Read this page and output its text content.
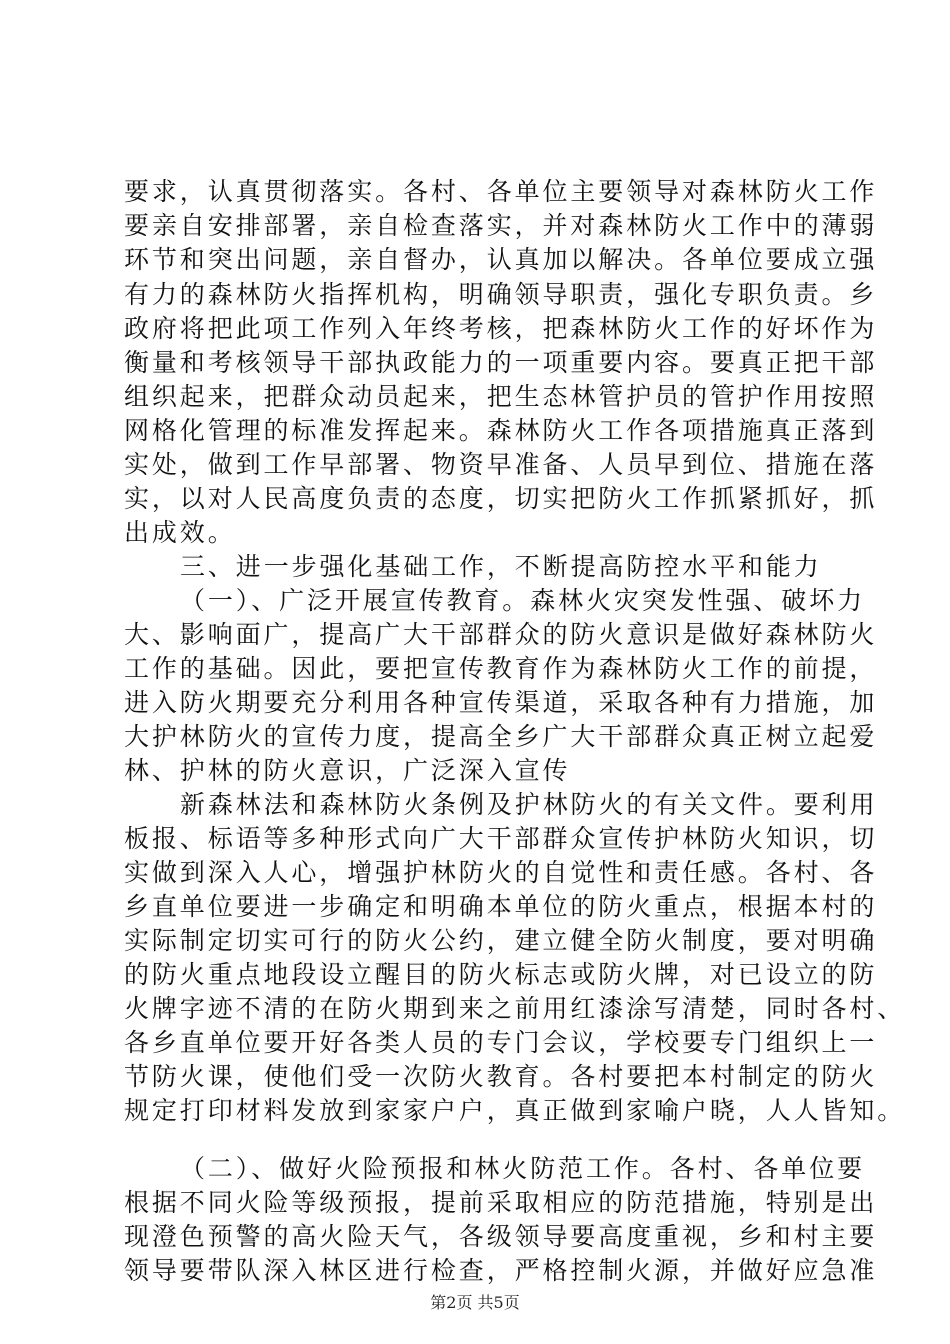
要求，认真贯彻落实。各村、各单位主要领导对森林防火工作
要亲自安排部署，亲自检查落实，并对森林防火工作中的薄弱
环节和突出问题，亲自督办，认真加以解决。各单位要成立强
有力的森林防火指挥机构，明确领导职责，强化专职负责。乡
政府将把此项工作列入年终考核，把森林防火工作的好坏作为
衡量和考核领导干部执政能力的一项重要内容。要真正把干部
组织起来，把群众动员起来，把生态林管护员的管护作用按照
网格化管理的标准发挥起来。森林防火工作各项措施真正落到
实处，做到工作早部署、物资早准备、人员早到位、措施在落
实，以对人民高度负责的态度，切实把防火工作抓紧抓好，抓
出成效。
三、进一步强化基础工作，不断提高防控水平和能力
（一）、广泛开展宣传教育。森林火灾突发性强、破坏力
大、影响面广，提高广大干部群众的防火意识是做好森林防火
工作的基础。因此，要把宣传教育作为森林防火工作的前提，
进入防火期要充分利用各种宣传渠道，采取各种有力措施，加
大护林防火的宣传力度，提高全乡广大干部群众真正树立起爱
林、护林的防火意识，广泛深入宣传
新森林法和森林防火条例及护林防火的有关文件。要利用
板报、标语等多种形式向广大干部群众宣传护林防火知识，切
实做到深入人心，增强护林防火的自觉性和责任感。各村、各
乡直单位要进一步确定和明确本单位的防火重点，根据本村的
实际制定切实可行的防火公约，建立健全防火制度，要对明确
的防火重点地段设立醒目的防火标志或防火牌，对已设立的防
火牌字迹不清的在防火期到来之前用红漆涂写清楚，同时各村、
各乡直单位要开好各类人员的专门会议，学校要专门组织上一
节防火课，使他们受一次防火教育。各村要把本村制定的防火
规定打印材料发放到家家户户，真正做到家喻户晓，人人皆知。
（二）、做好火险预报和林火防范工作。各村、各单位要
根据不同火险等级预报，提前采取相应的防范措施，特别是出
现澄色预警的高火险天气，各级领导要高度重视，乡和村主要
领导要带队深入林区进行检查，严格控制火源，并做好应急准
第2页 共5页
